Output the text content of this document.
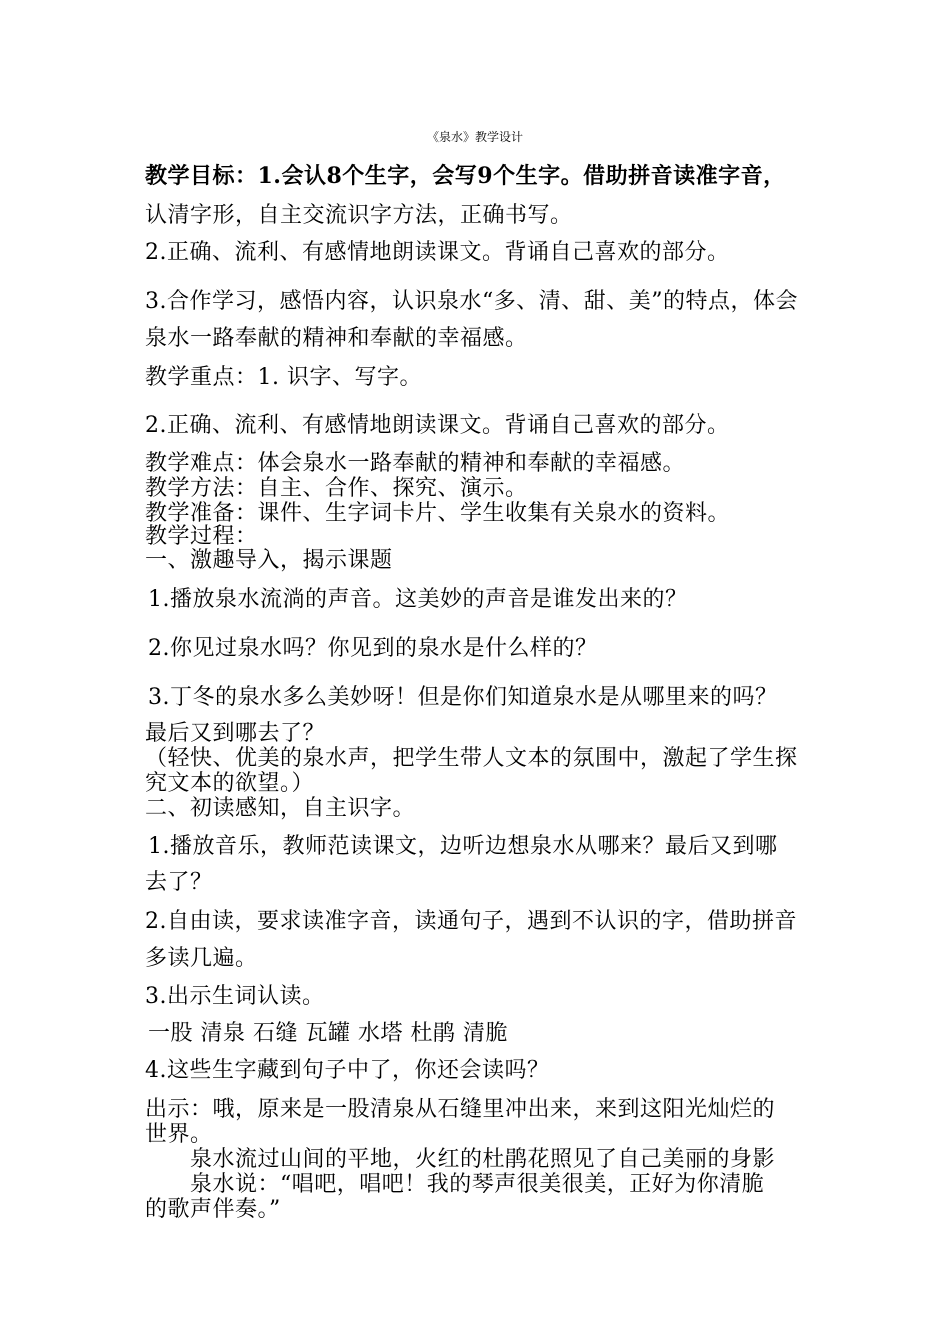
《泉水》教学设计
教学目标：1.会认8个生字，会写9个生字。借助拼音读准字音，
认清字形，自主交流识字方法，正确书写。
2.正确、流利、有感情地朗读课文。背诵自己喜欢的部分。
3.合作学习，感悟内容，认识泉水“多、清、甜、美”的特点，体会
泉水一路奉献的精神和奉献的幸福感。
教学重点：1. 识字、写字。
2.正确、流利、有感情地朗读课文。背诵自己喜欢的部分。
教学难点：体会泉水一路奉献的精神和奉献的幸福感。
教学方法：自主、合作、探究、演示。
教学准备：课件、生字词卡片、学生收集有关泉水的资料。
教学过程：
一、激趣导入，揭示课题
1.播放泉水流淌的声音。这美妙的声音是谁发出来的？
2.你见过泉水吗？你见到的泉水是什么样的？
3.丁冬的泉水多么美妙呀！但是你们知道泉水是从哪里来的吗？
最后又到哪去了？
（轻快、优美的泉水声，把学生带人文本的氛围中，激起了学生探
究文本的欲望。）
二、初读感知，自主识字。
1.播放音乐，教师范读课文，边听边想泉水从哪来？最后又到哪
去了？
2.自由读，要求读准字音，读通句子，遇到不认识的字，借助拼音
多读几遍。
3.出示生词认读。
一股 清泉 石缝 瓦罐 水塔 杜鹃 清脆
4.这些生字藏到句子中了，你还会读吗？
出示：哦，原来是一股清泉从石缝里冲出来，来到这阳光灿烂的
世界。
泉水流过山间的平地，火红的杜鹃花照见了自己美丽的身影
泉水说：“唱吧，唱吧！我的琴声很美很美，正好为你清脆
的歌声伴奏。”
